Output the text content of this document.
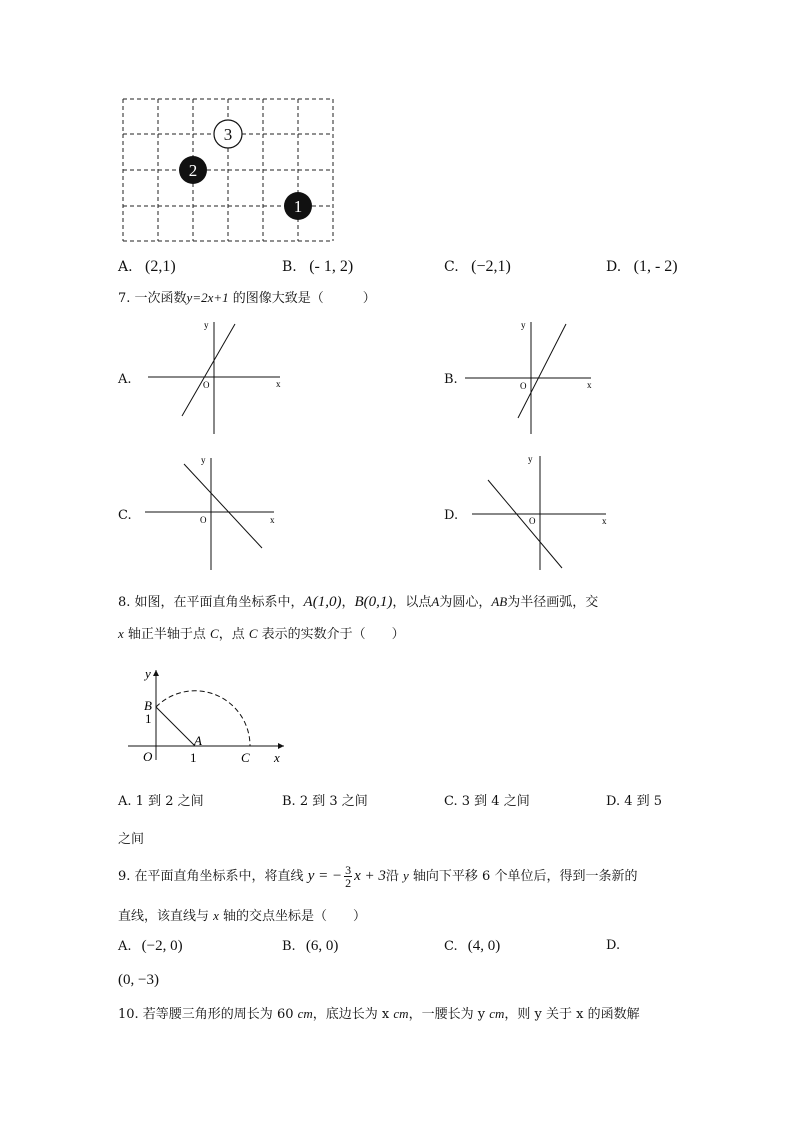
3
2
1
A. (2,1)	B. (- 1, 2)	C. (−2,1)	D. (1, - 2)
7. 一次函数y=2x+1 的图像大致是（　　　）
A.	x
y
O	B.	x
y
O
C.	x
y
O	D.	x
y
O
8. 如图，在平面直角坐标系中，A(1,0)，B(0,1)，以点A为圆心，AB为半径画弧，交
x 轴正半轴于点 C，点 C 表示的实数介于（　　）
y
B
1
A
O	1	C x
A. 1 到 2 之间	B. 2 到 3 之间	C. 3 到 4 之间	D. 4 到 5
之间
9. 在平面直角坐标系中，将直线 y = − $\frac{3}{2}$ x + 3沿 y 轴向下平移 6 个单位后，得到一条新的
直线，该直线与 x 轴的交点坐标是（　　）
A. (−2, 0)	B. (6, 0)	C. (4, 0)	D.
(0, −3)
10. 若等腰三角形的周长为 60 cm，底边长为 x cm，一腰长为 y cm，则 y 关于 x 的函数解
